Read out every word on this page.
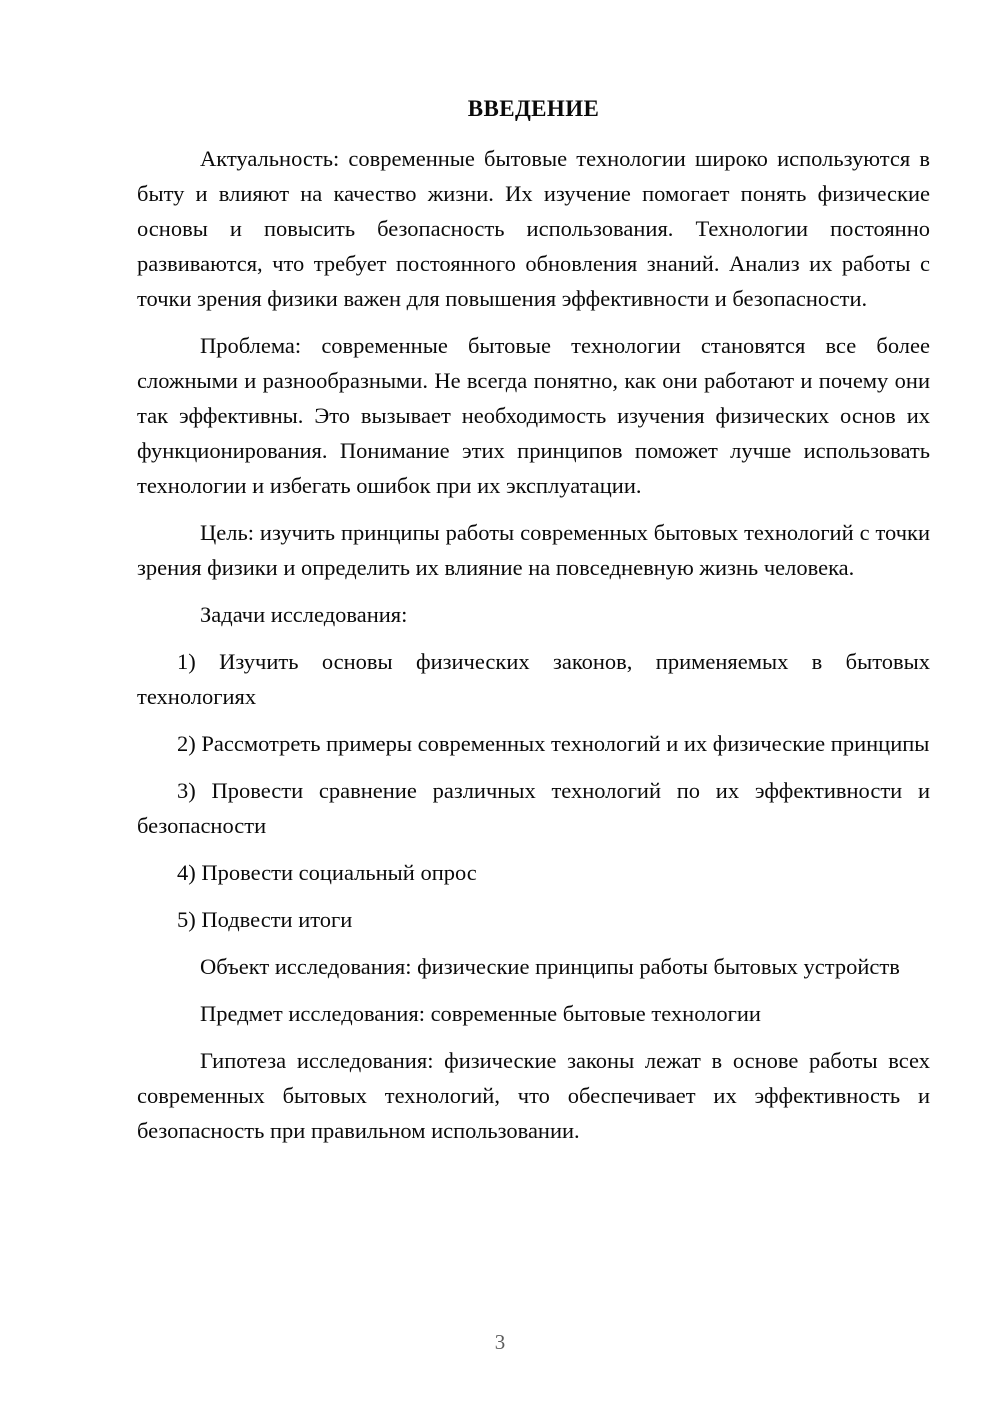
ВВЕДЕНИЕ

Актуальность: современные бытовые технологии широко используются в быту и влияют на качество жизни. Их изучение помогает понять физические основы и повысить безопасность использования. Технологии постоянно развиваются, что требует постоянного обновления знаний. Анализ их работы с точки зрения физики важен для повышения эффективности и безопасности.

Проблема: современные бытовые технологии становятся все более сложными и разнообразными. Не всегда понятно, как они работают и почему они так эффективны. Это вызывает необходимость изучения физических основ их функционирования. Понимание этих принципов поможет лучше использовать технологии и избегать ошибок при их эксплуатации.

Цель: изучить принципы работы современных бытовых технологий с точки зрения физики и определить их влияние на повседневную жизнь человека.

Задачи исследования:

1) Изучить основы физических законов, применяемых в бытовых технологиях

2) Рассмотреть примеры современных технологий и их физические принципы

3) Провести сравнение различных технологий по их эффективности и безопасности

4) Провести социальный опрос

5) Подвести итоги

Объект исследования: физические принципы работы бытовых устройств

Предмет исследования: современные бытовые технологии

Гипотеза исследования: физические законы лежат в основе работы всех современных бытовых технологий, что обеспечивает их эффективность и безопасность при правильном использовании.

3
